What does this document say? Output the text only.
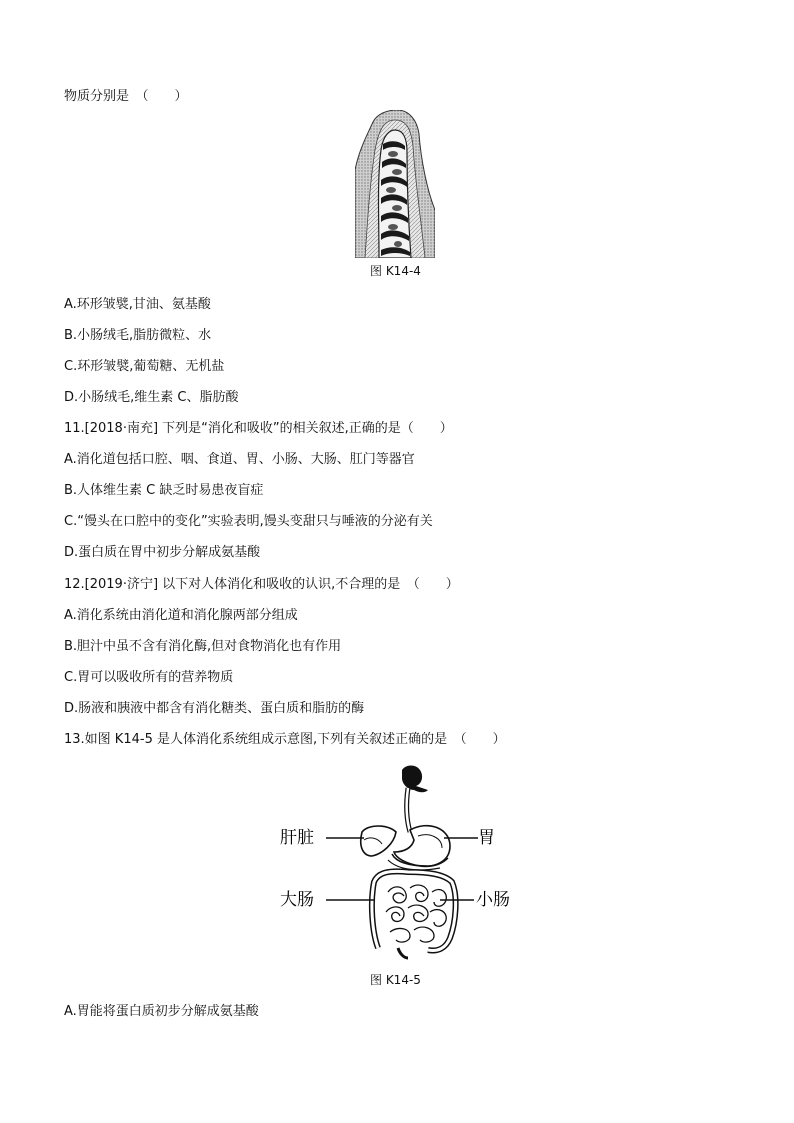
物质分别是　（　　）
图 K14-4
A.环形皱襞,甘油、氨基酸
B.小肠绒毛,脂肪微粒、水
C.环形皱襞,葡萄糖、无机盐
D.小肠绒毛,维生素 C、脂肪酸
11.[2018·南充] 下列是“消化和吸收”的相关叙述,正确的是（　　）
A.消化道包括口腔、咽、食道、胃、小肠、大肠、肛门等器官
B.人体维生素 C 缺乏时易患夜盲症
C.“馒头在口腔中的变化”实验表明,馒头变甜只与唾液的分泌有关
D.蛋白质在胃中初步分解成氨基酸
12.[2019·济宁] 以下对人体消化和吸收的认识,不合理的是　（　　）
A.消化系统由消化道和消化腺两部分组成
B.胆汁中虽不含有消化酶,但对食物消化也有作用
C.胃可以吸收所有的营养物质
D.肠液和胰液中都含有消化糖类、蛋白质和脂肪的酶
13.如图 K14-5 是人体消化系统组成示意图,下列有关叙述正确的是　（　　）
肝脏	胃
大肠	小肠
图 K14-5
A.胃能将蛋白质初步分解成氨基酸
